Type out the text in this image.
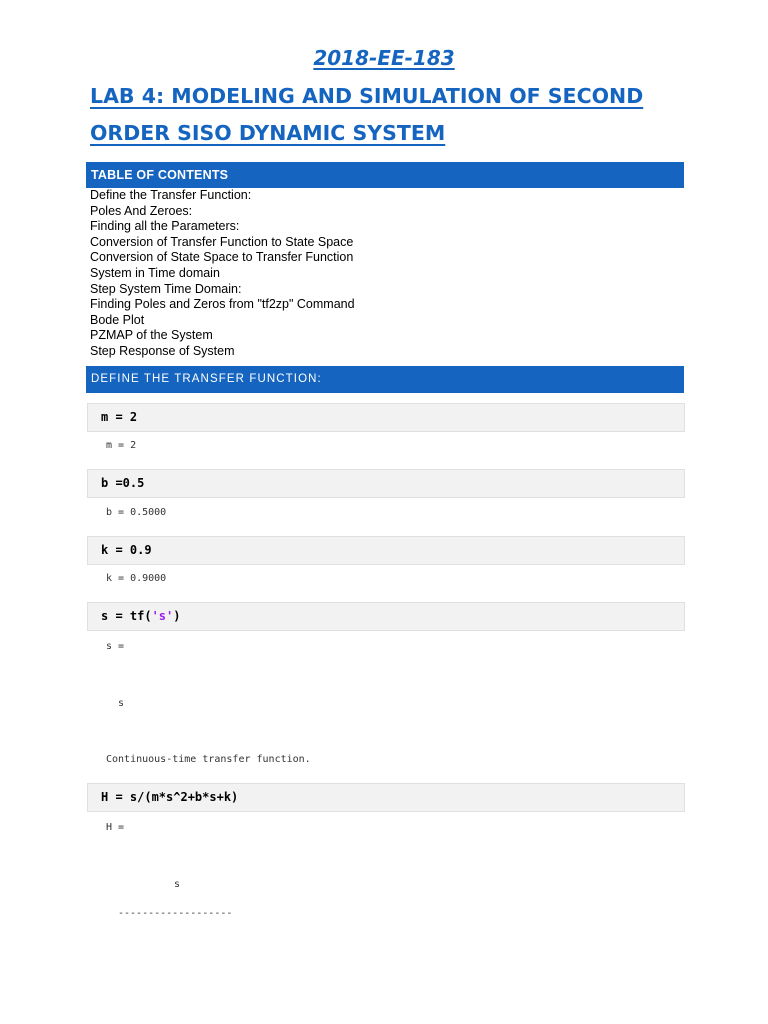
2018-EE-183
LAB 4: MODELING AND SIMULATION OF SECOND
ORDER SISO DYNAMIC SYSTEM
TABLE OF CONTENTS
Define the Transfer Function:
Poles And Zeroes:
Finding all the Parameters:
Conversion of Transfer Function to State Space
Conversion of State Space to Transfer Function
System in Time domain
Step System Time Domain:
Finding Poles and Zeros from "tf2zp" Command
Bode Plot
PZMAP of the System
Step Response of System
DEFINE THE TRANSFER FUNCTION:
m = 2
m = 2
b =0.5
b = 0.5000
k = 0.9
k = 0.9000
s = tf('s')
s =
s
Continuous-time transfer function.
H = s/(m*s^2+b*s+k)
H =
s
-------------------
